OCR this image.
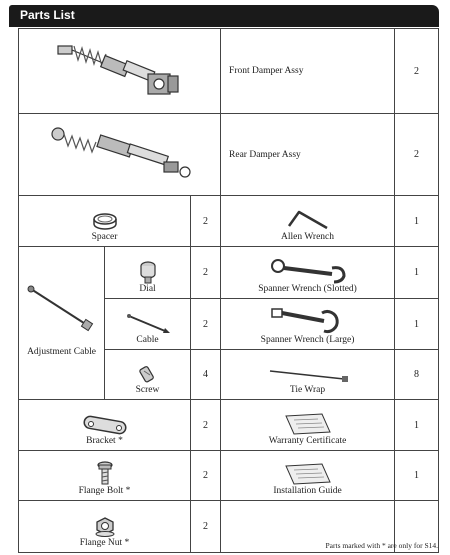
Parts List
	Front Damper Assy	2

	Rear Damper Assy	2

Spacer		2	Allen Wrench	1

Adjustment Cable	Dial	2	Spanner Wrench (Slotted)	1

	Cable	2	Spanner Wrench (Large)	1

	Screw	4	Tie Wrap	8

Bracket *		2	Warranty Certificate	1

Flange Bolt *		2	Installation Guide	1

Flange Nut *		2		
Parts marked with * are only for S14.
